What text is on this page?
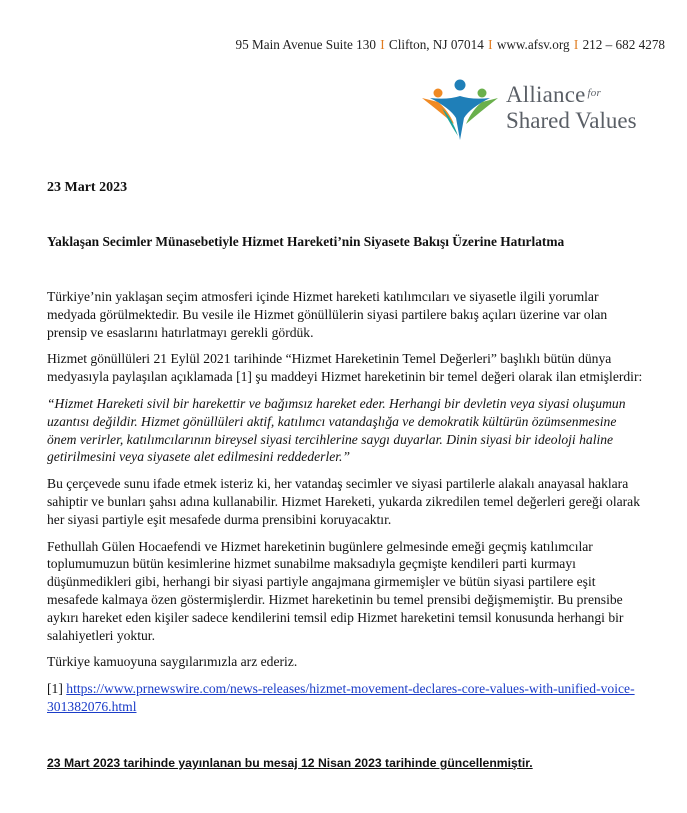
95 Main Avenue Suite 130 I Clifton, NJ 07014 I www.afsv.org I 212 – 682 4278
Alliance $^{for}$
Shared Values
23 Mart 2023
Yaklaşan Secimler Münasebetiyle Hizmet Hareketi’nin Siyasete Bakışı Üzerine Hatırlatma

Türkiye’nin yaklaşan seçim atmosferi içinde Hizmet hareketi katılımcıları ve siyasetle ilgili yorumlar medyada görülmektedir. Bu vesile ile Hizmet gönüllülerin siyasi partilere bakış açıları üzerine var olan prensip ve esaslarını hatırlatmayı gerekli gördük.

Hizmet gönüllüleri 21 Eylül 2021 tarihinde “Hizmet Hareketinin Temel Değerleri” başlıklı bütün dünya medyasıyla paylaşılan açıklamada [1] şu maddeyi Hizmet hareketinin bir temel değeri olarak ilan etmişlerdir:

“Hizmet Hareketi sivil bir harekettir ve bağımsız hareket eder. Herhangi bir devletin veya siyasi oluşumun uzantısı değildir. Hizmet gönüllüleri aktif, katılımcı vatandaşlığa ve demokratik kültürün özümsenmesine önem verirler, katılımcılarının bireysel siyasi tercihlerine saygı duyarlar. Dinin siyasi bir ideoloji haline getirilmesini veya siyasete alet edilmesini reddederler.”

Bu çerçevede sunu ifade etmek isteriz ki, her vatandaş secimler ve siyasi partilerle alakalı anayasal haklara sahiptir ve bunları şahsı adına kullanabilir. Hizmet Hareketi, yukarda zikredilen temel değerleri gereği olarak her siyasi partiyle eşit mesafede durma prensibini koruyacaktır.

Fethullah Gülen Hocaefendi ve Hizmet hareketinin bugünlere gelmesinde emeği geçmiş katılımcılar toplumumuzun bütün kesimlerine hizmet sunabilme maksadıyla geçmişte kendileri parti kurmayı düşünmedikleri gibi, herhangi bir siyasi partiyle angajmana girmemişler ve bütün siyasi partilere eşit mesafede kalmaya özen göstermişlerdir. Hizmet hareketinin bu temel prensibi değişmemiştir. Bu prensibe aykırı hareket eden kişiler sadece kendilerini temsil edip Hizmet hareketini temsil konusunda herhangi bir salahiyetleri yoktur.

Türkiye kamuoyuna saygılarımızla arz ederiz.

[1] https://www.prnewswire.com/news-releases/hizmet-movement-declares-core-values-with-unified-voice-301382076.html

23 Mart 2023 tarihinde yayınlanan bu mesaj 12 Nisan 2023 tarihinde güncellenmiştir.
